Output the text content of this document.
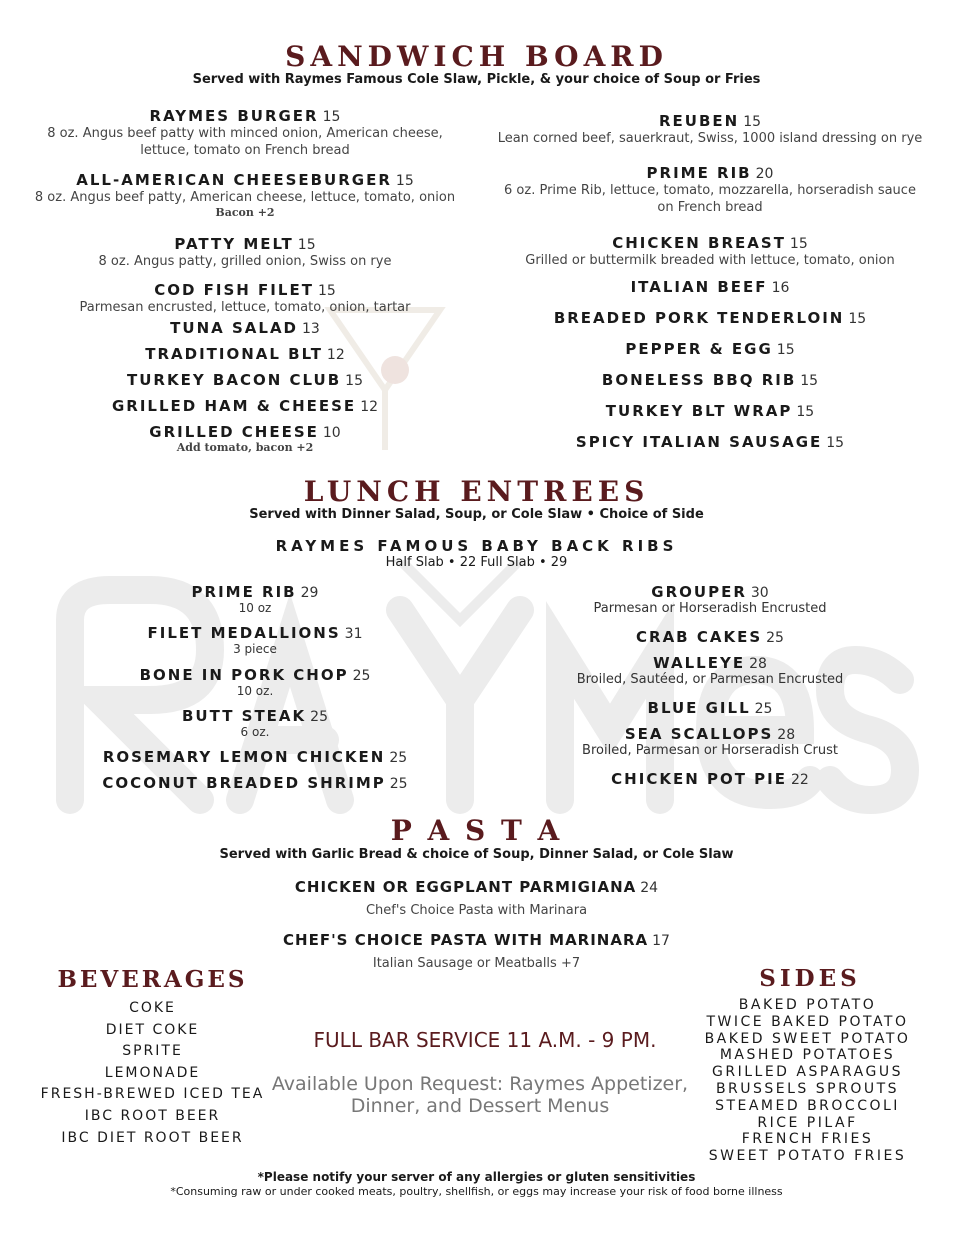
SANDWICH BOARD
Served with Raymes Famous Cole Slaw, Pickle, & your choice of Soup or Fries
RAYMES BURGER 15
8 oz. Angus beef patty with minced onion, American cheese,
lettuce, tomato on French bread
ALL-AMERICAN CHEESEBURGER 15
8 oz. Angus beef patty, American cheese, lettuce, tomato, onion
Bacon +2
PATTY MELT 15
8 oz. Angus patty, grilled onion, Swiss on rye
COD FISH FILET 15
Parmesan encrusted, lettuce, tomato, onion, tartar
TUNA SALAD 13
TRADITIONAL BLT 12
TURKEY BACON CLUB 15
GRILLED HAM & CHEESE 12
GRILLED CHEESE 10
Add tomato, bacon +2
REUBEN 15
Lean corned beef, sauerkraut, Swiss, 1000 island dressing on rye
PRIME RIB 20
6 oz. Prime Rib, lettuce, tomato, mozzarella, horseradish sauce
on French bread
CHICKEN BREAST 15
Grilled or buttermilk breaded with lettuce, tomato, onion
ITALIAN BEEF 16
BREADED PORK TENDERLOIN 15
PEPPER & EGG 15
BONELESS BBQ RIB 15
TURKEY BLT WRAP 15
SPICY ITALIAN SAUSAGE 15
LUNCH ENTREES
Served with Dinner Salad, Soup, or Cole Slaw • Choice of Side
RAYMES FAMOUS BABY BACK RIBS
Half Slab • 22 Full Slab • 29
PRIME RIB 29
10 oz
FILET MEDALLIONS 31
3 piece
BONE IN PORK CHOP 25
10 oz.
BUTT STEAK 25
6 oz.
ROSEMARY LEMON CHICKEN 25
COCONUT BREADED SHRIMP 25
GROUPER 30
Parmesan or Horseradish Encrusted
CRAB CAKES 25
WALLEYE 28
Broiled, Sautéed, or Parmesan Encrusted
BLUE GILL 25
SEA SCALLOPS 28
Broiled, Parmesan or Horseradish Crust
CHICKEN POT PIE 22
P A S T A
Served with Garlic Bread & choice of Soup, Dinner Salad, or Cole Slaw
CHICKEN OR EGGPLANT PARMIGIANA 24
Chef's Choice Pasta with Marinara
CHEF'S CHOICE PASTA WITH MARINARA 17
Italian Sausage or Meatballs +7
BEVERAGES
COKE
DIET COKE
SPRITE
LEMONADE
FRESH-BREWED ICED TEA
IBC ROOT BEER
IBC DIET ROOT BEER
FULL BAR SERVICE 11 A.M. - 9 PM.
Available Upon Request: Raymes Appetizer,
Dinner, and Dessert Menus
SIDES
BAKED POTATO
TWICE BAKED POTATO
BAKED SWEET POTATO
MASHED POTATOES
GRILLED ASPARAGUS
BRUSSELS SPROUTS
STEAMED BROCCOLI
RICE PILAF
FRENCH FRIES
SWEET POTATO FRIES
*Please notify your server of any allergies or gluten sensitivities
*Consuming raw or under cooked meats, poultry, shellfish, or eggs may increase your risk of food borne illness
